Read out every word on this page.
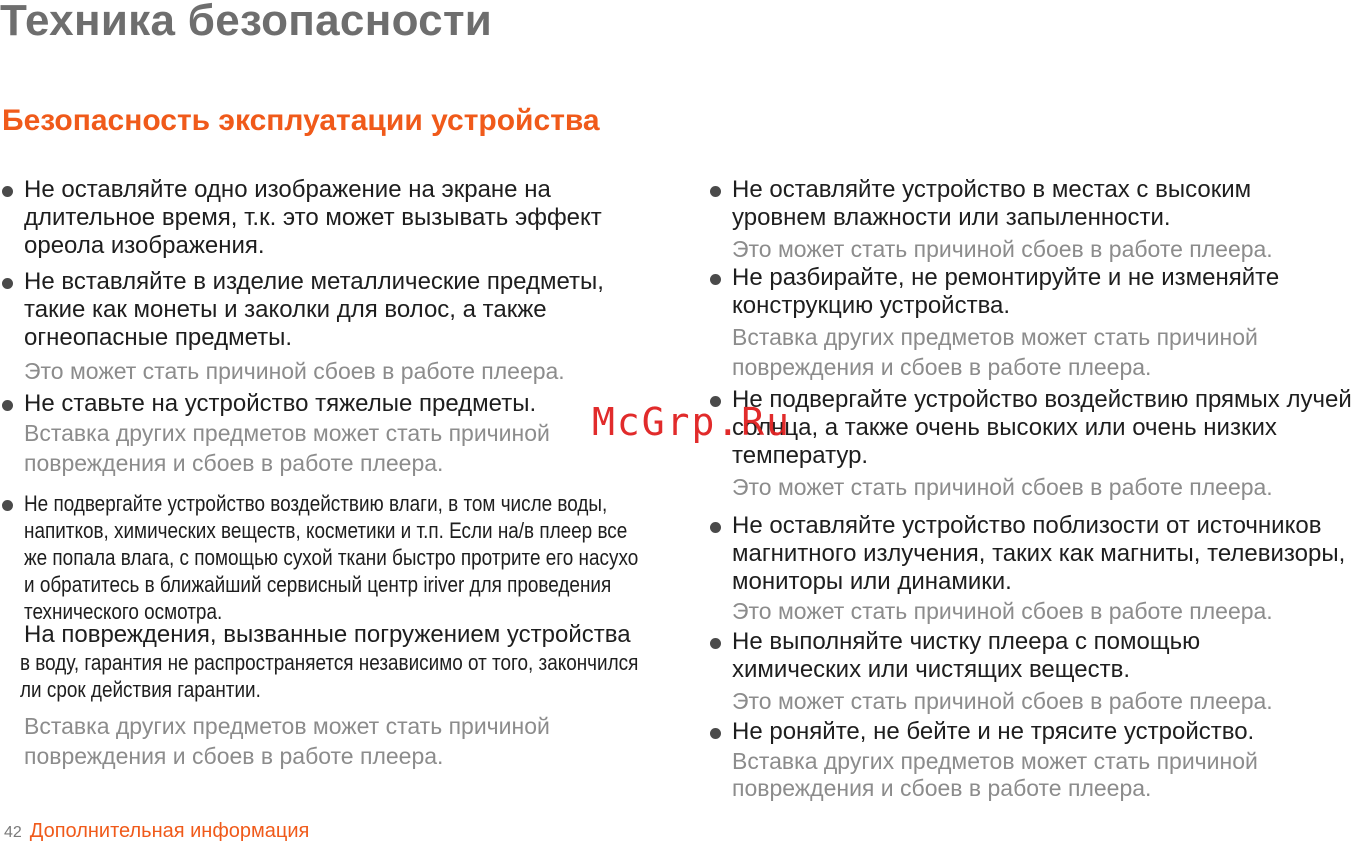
Техника безопасности
Безопасность эксплуатации устройства

Не оставляйте одно изображение на экране на длительное время, т.к. это может вызывать эффект ореола изображения.

Не вставляйте в изделие металлические предметы, такие как монеты и заколки для волос, а также огнеопасные предметы.

Это может стать причиной сбоев в работе плеера.

Не ставьте на устройство тяжелые предметы.

Вставка других предметов может стать причиной повреждения и сбоев в работе плеера.

Не подвергайте устройство воздействию влаги, в том числе воды, напитков, химических веществ, косметики и т.п. Если на/в плеер все же попала влага, с помощью сухой ткани быстро протрите его насухо и обратитесь в ближайший сервисный центр iriver для проведения технического осмотра.

На повреждения, вызванные погружением устройства

в воду, гарантия не распространяется независимо от того, закончился ли срок действия гарантии.

Вставка других предметов может стать причиной повреждения и сбоев в работе плеера.

Не оставляйте устройство в местах с высоким уровнем влажности или запыленности.

Это может стать причиной сбоев в работе плеера.

Не разбирайте, не ремонтируйте и не изменяйте конструкцию устройства.

Вставка других предметов может стать причиной повреждения и сбоев в работе плеера.

Не подвергайте устройство воздействию прямых лучей солнца, а также очень высоких или очень низких температур.

Это может стать причиной сбоев в работе плеера.

Не оставляйте устройство поблизости от источников магнитного излучения, таких как магниты, телевизоры, мониторы или динамики.

Это может стать причиной сбоев в работе плеера.

Не выполняйте чистку плеера с помощью химических или чистящих веществ.

Это может стать причиной сбоев в работе плеера.

Не роняйте, не бейте и не трясите устройство.

Вставка других предметов может стать причиной повреждения и сбоев в работе плеера.

42 Дополнительная информация
McGrp.Ru
